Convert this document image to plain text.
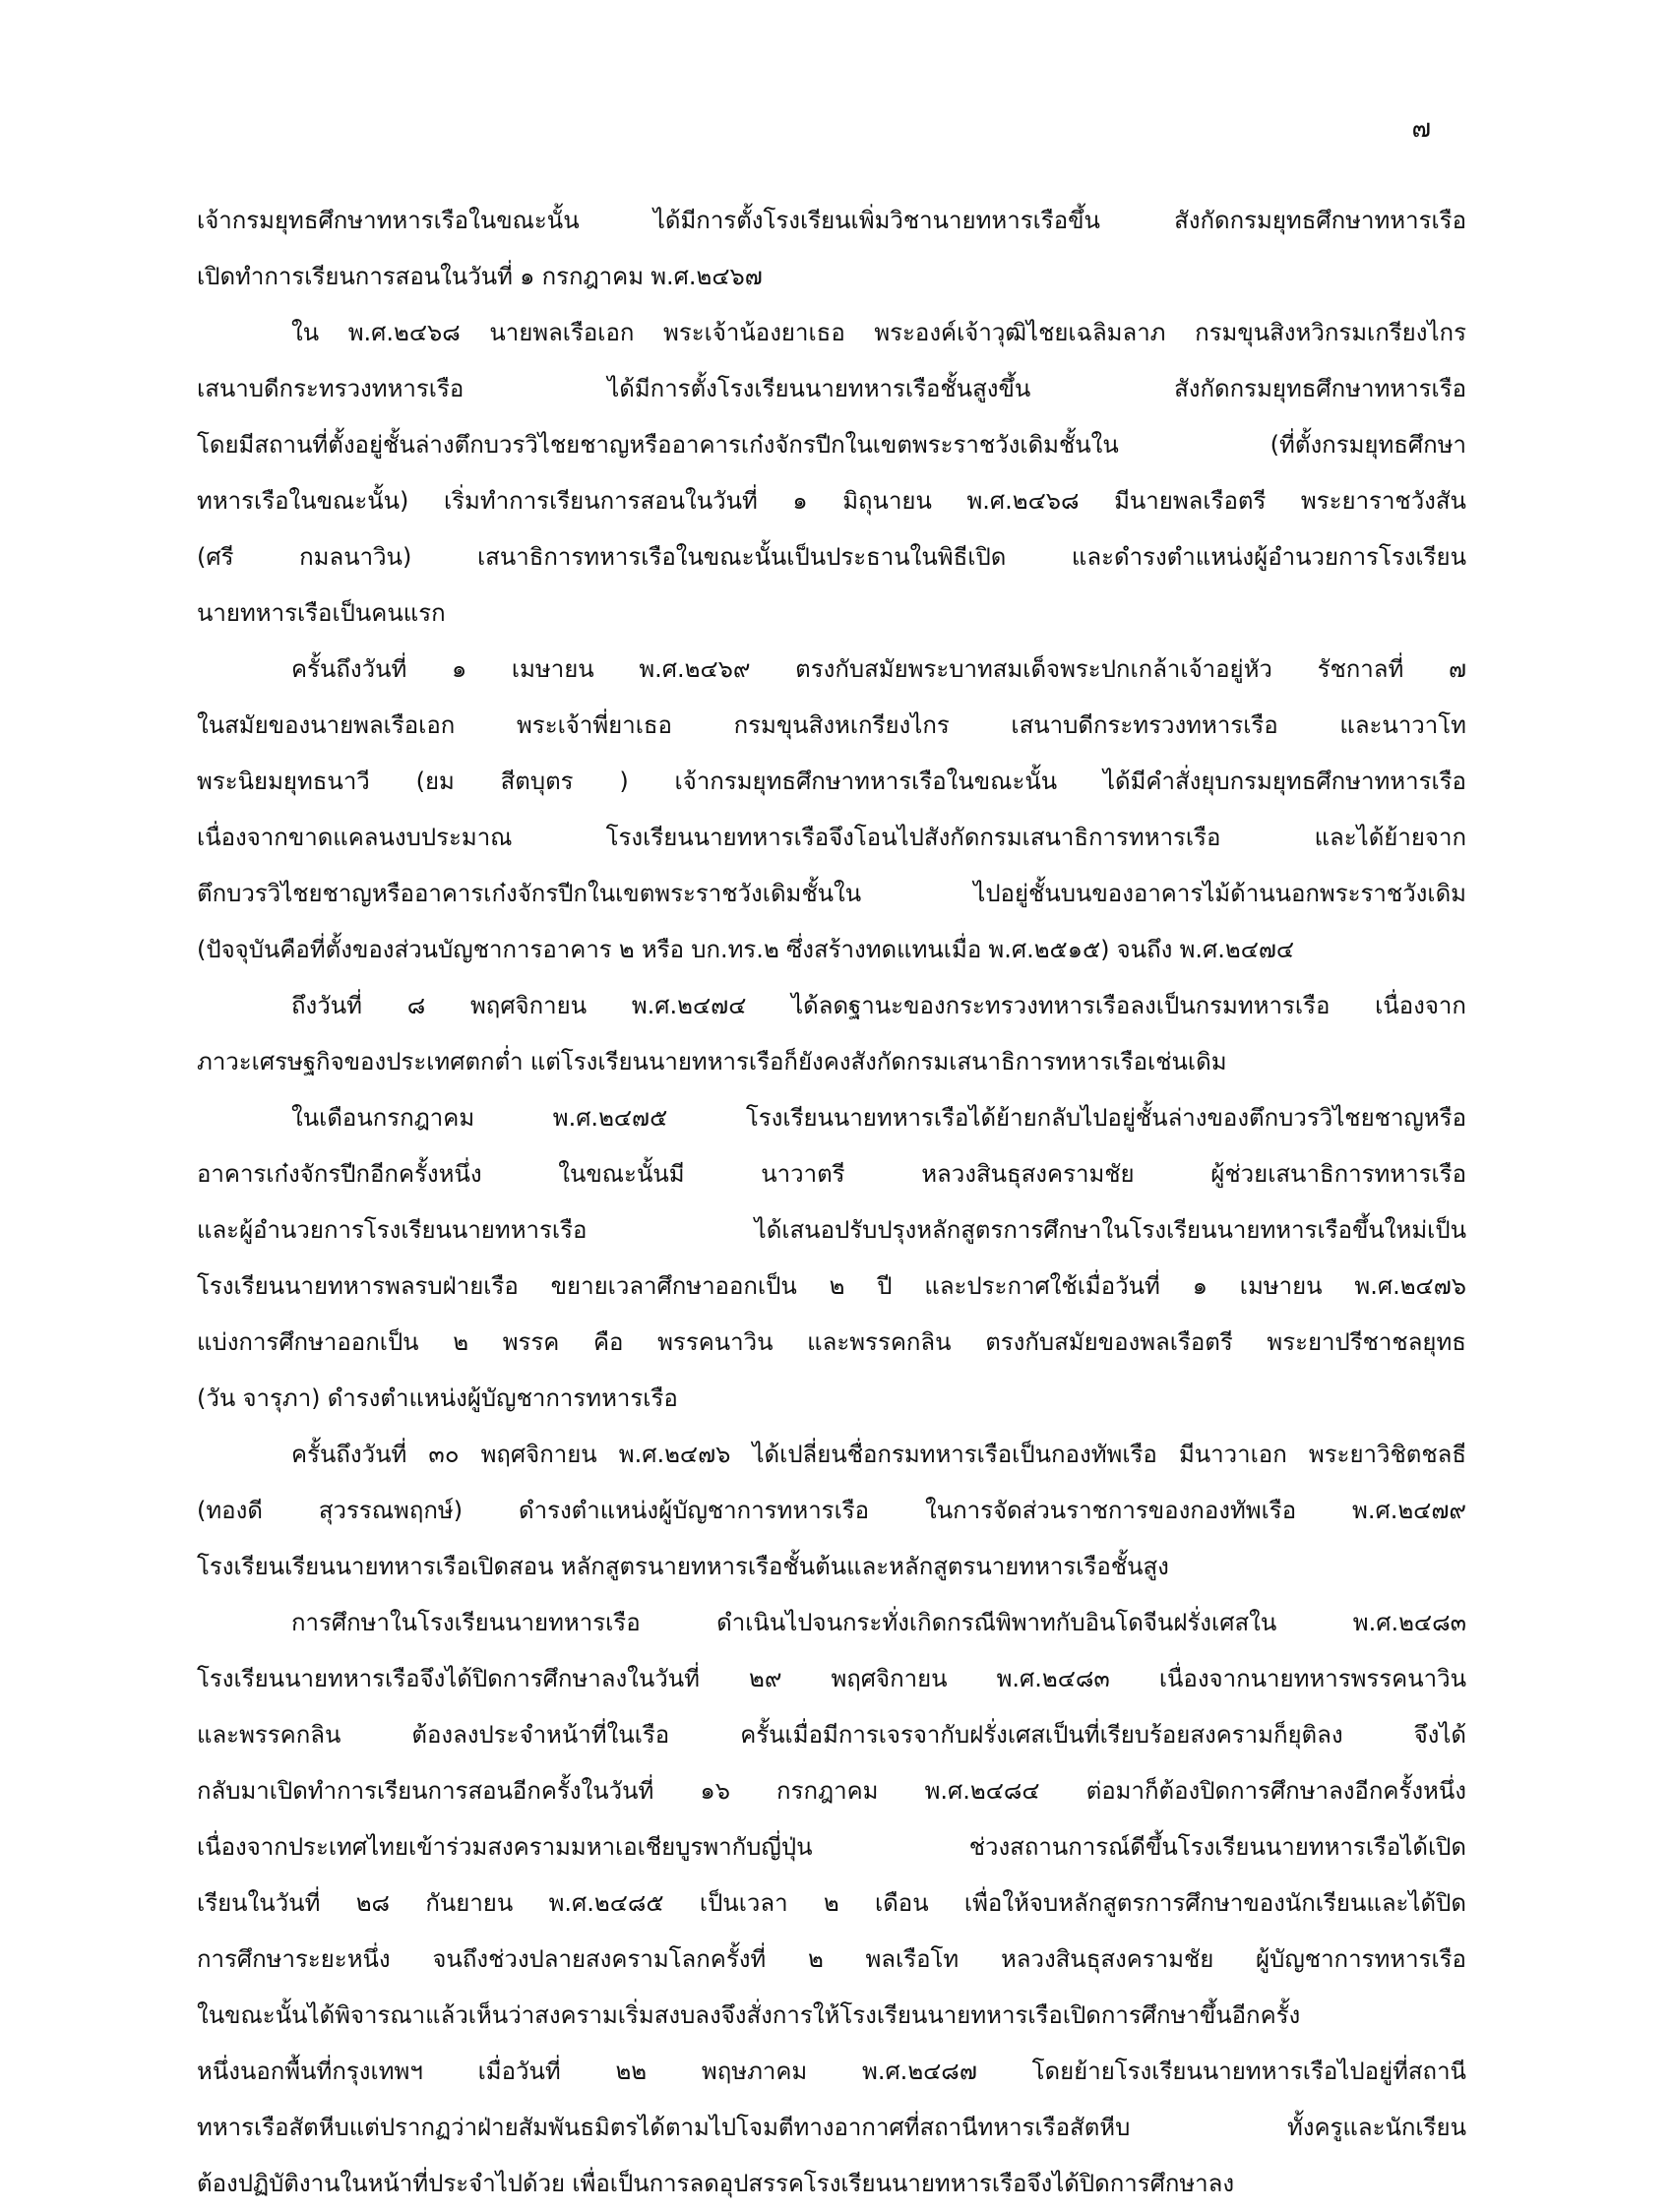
๗
เจ้ากรมยุทธศึกษาทหารเรือในขณะนั้น	ได้มีการตั้งโรงเรียนเพิ่มวิชานายทหารเรือขึ้น	สังกัดกรมยุทธศึกษาทหารเรือ
เปิดทำการเรียนการสอนในวันที่ ๑ กรกฎาคม พ.ศ.๒๔๖๗
ใน พ.ศ.๒๔๖๘ นายพลเรือเอก พระเจ้าน้องยาเธอ พระองค์เจ้าวุฒิไชยเฉลิมลาภ กรมขุนสิงหวิกรมเกรียงไกร
เสนาบดีกระทรวงทหารเรือ	ได้มีการตั้งโรงเรียนนายทหารเรือชั้นสูงขึ้น	สังกัดกรมยุทธศึกษาทหารเรือ
โดยมีสถานที่ตั้งอยู่ชั้นล่างตึกบวรวิไชยชาญหรืออาคารเก๋งจักรปีกในเขตพระราชวังเดิมชั้นใน	(ที่ตั้งกรมยุทธศึกษา
ทหารเรือในขณะนั้น) เริ่มทำการเรียนการสอนในวันที่ ๑ มิถุนายน พ.ศ.๒๔๖๘ มีนายพลเรือตรี พระยาราชวังสัน
(ศรี	กมลนาวิน)	เสนาธิการทหารเรือในขณะนั้นเป็นประธานในพิธีเปิด	และดำรงตำแหน่งผู้อำนวยการโรงเรียน
นายทหารเรือเป็นคนแรก
ครั้นถึงวันที่ ๑ เมษายน พ.ศ.๒๔๖๙ ตรงกับสมัยพระบาทสมเด็จพระปกเกล้าเจ้าอยู่หัว รัชกาลที่ ๗
ในสมัยของนายพลเรือเอก	พระเจ้าพี่ยาเธอ	กรมขุนสิงหเกรียงไกร	เสนาบดีกระทรวงทหารเรือ	และนาวาโท
พระนิยมยุทธนาวี (ยม สีตบุตร ) เจ้ากรมยุทธศึกษาทหารเรือในขณะนั้น ได้มีคำสั่งยุบกรมยุทธศึกษาทหารเรือ
เนื่องจากขาดแคลนงบประมาณ	โรงเรียนนายทหารเรือจึงโอนไปสังกัดกรมเสนาธิการทหารเรือ	และได้ย้ายจาก
ตึกบวรวิไชยชาญหรืออาคารเก๋งจักรปีกในเขตพระราชวังเดิมชั้นใน	ไปอยู่ชั้นบนของอาคารไม้ด้านนอกพระราชวังเดิม
(ปัจจุบันคือที่ตั้งของส่วนบัญชาการอาคาร ๒ หรือ บก.ทร.๒ ซึ่งสร้างทดแทนเมื่อ พ.ศ.๒๕๑๕) จนถึง พ.ศ.๒๔๗๔
ถึงวันที่ ๘ พฤศจิกายน พ.ศ.๒๔๗๔ ได้ลดฐานะของกระทรวงทหารเรือลงเป็นกรมทหารเรือ เนื่องจาก
ภาวะเศรษฐกิจของประเทศตกต่ำ แต่โรงเรียนนายทหารเรือก็ยังคงสังกัดกรมเสนาธิการทหารเรือเช่นเดิม
ในเดือนกรกฎาคม	พ.ศ.๒๔๗๕	โรงเรียนนายทหารเรือได้ย้ายกลับไปอยู่ชั้นล่างของตึกบวรวิไชยชาญหรือ
อาคารเก๋งจักรปีกอีกครั้งหนึ่ง	ในขณะนั้นมี	นาวาตรี	หลวงสินธุสงครามชัย	ผู้ช่วยเสนาธิการทหารเรือ
และผู้อำนวยการโรงเรียนนายทหารเรือ	ได้เสนอปรับปรุงหลักสูตรการศึกษาในโรงเรียนนายทหารเรือขึ้นใหม่เป็น
โรงเรียนนายทหารพลรบฝ่ายเรือ ขยายเวลาศึกษาออกเป็น ๒ ปี และประกาศใช้เมื่อวันที่ ๑ เมษายน พ.ศ.๒๔๗๖
แบ่งการศึกษาออกเป็น ๒ พรรค คือ พรรคนาวิน และพรรคกลิน ตรงกับสมัยของพลเรือตรี พระยาปรีชาชลยุทธ
(วัน จารุภา) ดำรงตำแหน่งผู้บัญชาการทหารเรือ
ครั้นถึงวันที่ ๓๐ พฤศจิกายน พ.ศ.๒๔๗๖ ได้เปลี่ยนชื่อกรมทหารเรือเป็นกองทัพเรือ มีนาวาเอก พระยาวิชิตชลธี
(ทองดี สุวรรณพฤกษ์) ดำรงตำแหน่งผู้บัญชาการทหารเรือ ในการจัดส่วนราชการของกองทัพเรือ พ.ศ.๒๔๗๙
โรงเรียนเรียนนายทหารเรือเปิดสอน หลักสูตรนายทหารเรือชั้นต้นและหลักสูตรนายทหารเรือชั้นสูง
การศึกษาในโรงเรียนนายทหารเรือ	ดำเนินไปจนกระทั่งเกิดกรณีพิพาทกับอินโดจีนฝรั่งเศสใน	พ.ศ.๒๔๘๓
โรงเรียนนายทหารเรือจึงได้ปิดการศึกษาลงในวันที่ ๒๙ พฤศจิกายน พ.ศ.๒๔๘๓ เนื่องจากนายทหารพรรคนาวิน
และพรรคกลิน	ต้องลงประจำหน้าที่ในเรือ	ครั้นเมื่อมีการเจรจากับฝรั่งเศสเป็นที่เรียบร้อยสงครามก็ยุติลง	จึงได้
กลับมาเปิดทำการเรียนการสอนอีกครั้งในวันที่ ๑๖ กรกฎาคม พ.ศ.๒๔๘๔ ต่อมาก็ต้องปิดการศึกษาลงอีกครั้งหนึ่ง
เนื่องจากประเทศไทยเข้าร่วมสงครามมหาเอเชียบูรพากับญี่ปุ่น	ช่วงสถานการณ์ดีขึ้นโรงเรียนนายทหารเรือได้เปิด
เรียนในวันที่ ๒๘ กันยายน พ.ศ.๒๔๘๕ เป็นเวลา ๒ เดือน เพื่อให้จบหลักสูตรการศึกษาของนักเรียนและได้ปิด
การศึกษาระยะหนึ่ง จนถึงช่วงปลายสงครามโลกครั้งที่ ๒ พลเรือโท หลวงสินธุสงครามชัย ผู้บัญชาการทหารเรือ
ในขณะนั้นได้พิจารณาแล้วเห็นว่าสงครามเริ่มสงบลงจึงสั่งการให้โรงเรียนนายทหารเรือเปิดการศึกษาขึ้นอีกครั้ง
หนึ่งนอกพื้นที่กรุงเทพฯ เมื่อวันที่ ๒๒ พฤษภาคม พ.ศ.๒๔๘๗ โดยย้ายโรงเรียนนายทหารเรือไปอยู่ที่สถานี
ทหารเรือสัตหีบแต่ปรากฏว่าฝ่ายสัมพันธมิตรได้ตามไปโจมตีทางอากาศที่สถานีทหารเรือสัตหีบ	ทั้งครูและนักเรียน
ต้องปฏิบัติงานในหน้าที่ประจำไปด้วย เพื่อเป็นการลดอุปสรรคโรงเรียนนายทหารเรือจึงได้ปิดการศึกษาลง
